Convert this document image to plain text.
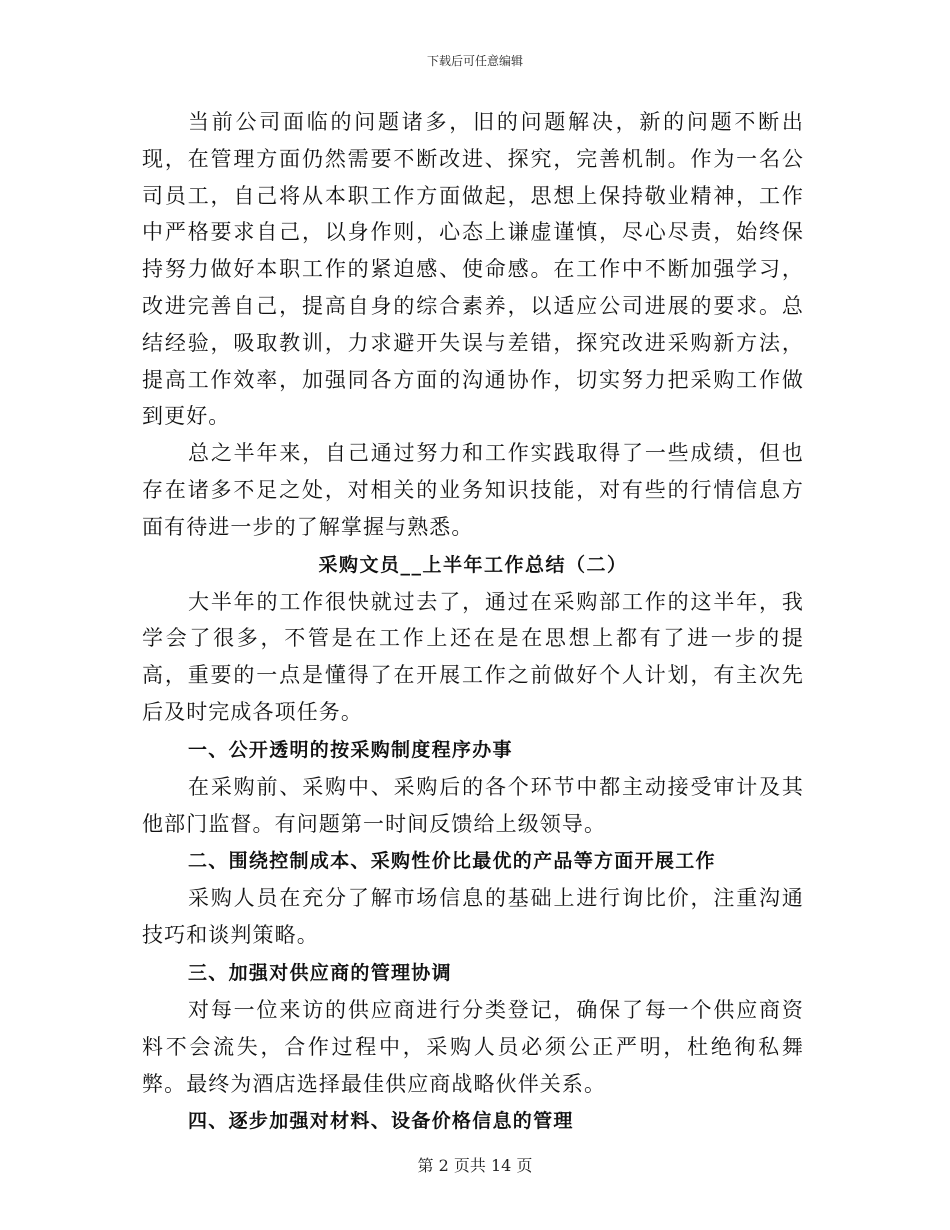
下载后可任意编辑

当前公司面临的问题诸多，旧的问题解决，新的问题不断出现，在管理方面仍然需要不断改进、探究，完善机制。作为一名公司员工，自己将从本职工作方面做起，思想上保持敬业精神，工作中严格要求自己，以身作则，心态上谦虚谨慎，尽心尽责，始终保持努力做好本职工作的紧迫感、使命感。在工作中不断加强学习，改进完善自己，提高自身的综合素养，以适应公司进展的要求。总结经验，吸取教训，力求避开失误与差错，探究改进采购新方法，提高工作效率，加强同各方面的沟通协作，切实努力把采购工作做到更好。

总之半年来，自己通过努力和工作实践取得了一些成绩，但也存在诸多不足之处，对相关的业务知识技能，对有些的行情信息方面有待进一步的了解掌握与熟悉。

采购文员__上半年工作总结（二）

大半年的工作很快就过去了，通过在采购部工作的这半年，我学会了很多，不管是在工作上还在是在思想上都有了进一步的提高，重要的一点是懂得了在开展工作之前做好个人计划，有主次先后及时完成各项任务。

一、公开透明的按采购制度程序办事

在采购前、采购中、采购后的各个环节中都主动接受审计及其他部门监督。有问题第一时间反馈给上级领导。

二、围绕控制成本、采购性价比最优的产品等方面开展工作

采购人员在充分了解市场信息的基础上进行询比价，注重沟通技巧和谈判策略。

三、加强对供应商的管理协调

对每一位来访的供应商进行分类登记，确保了每一个供应商资料不会流失，合作过程中，采购人员必须公正严明，杜绝徇私舞弊。最终为酒店选择最佳供应商战略伙伴关系。

四、逐步加强对材料、设备价格信息的管理

第 2 页共 14 页
